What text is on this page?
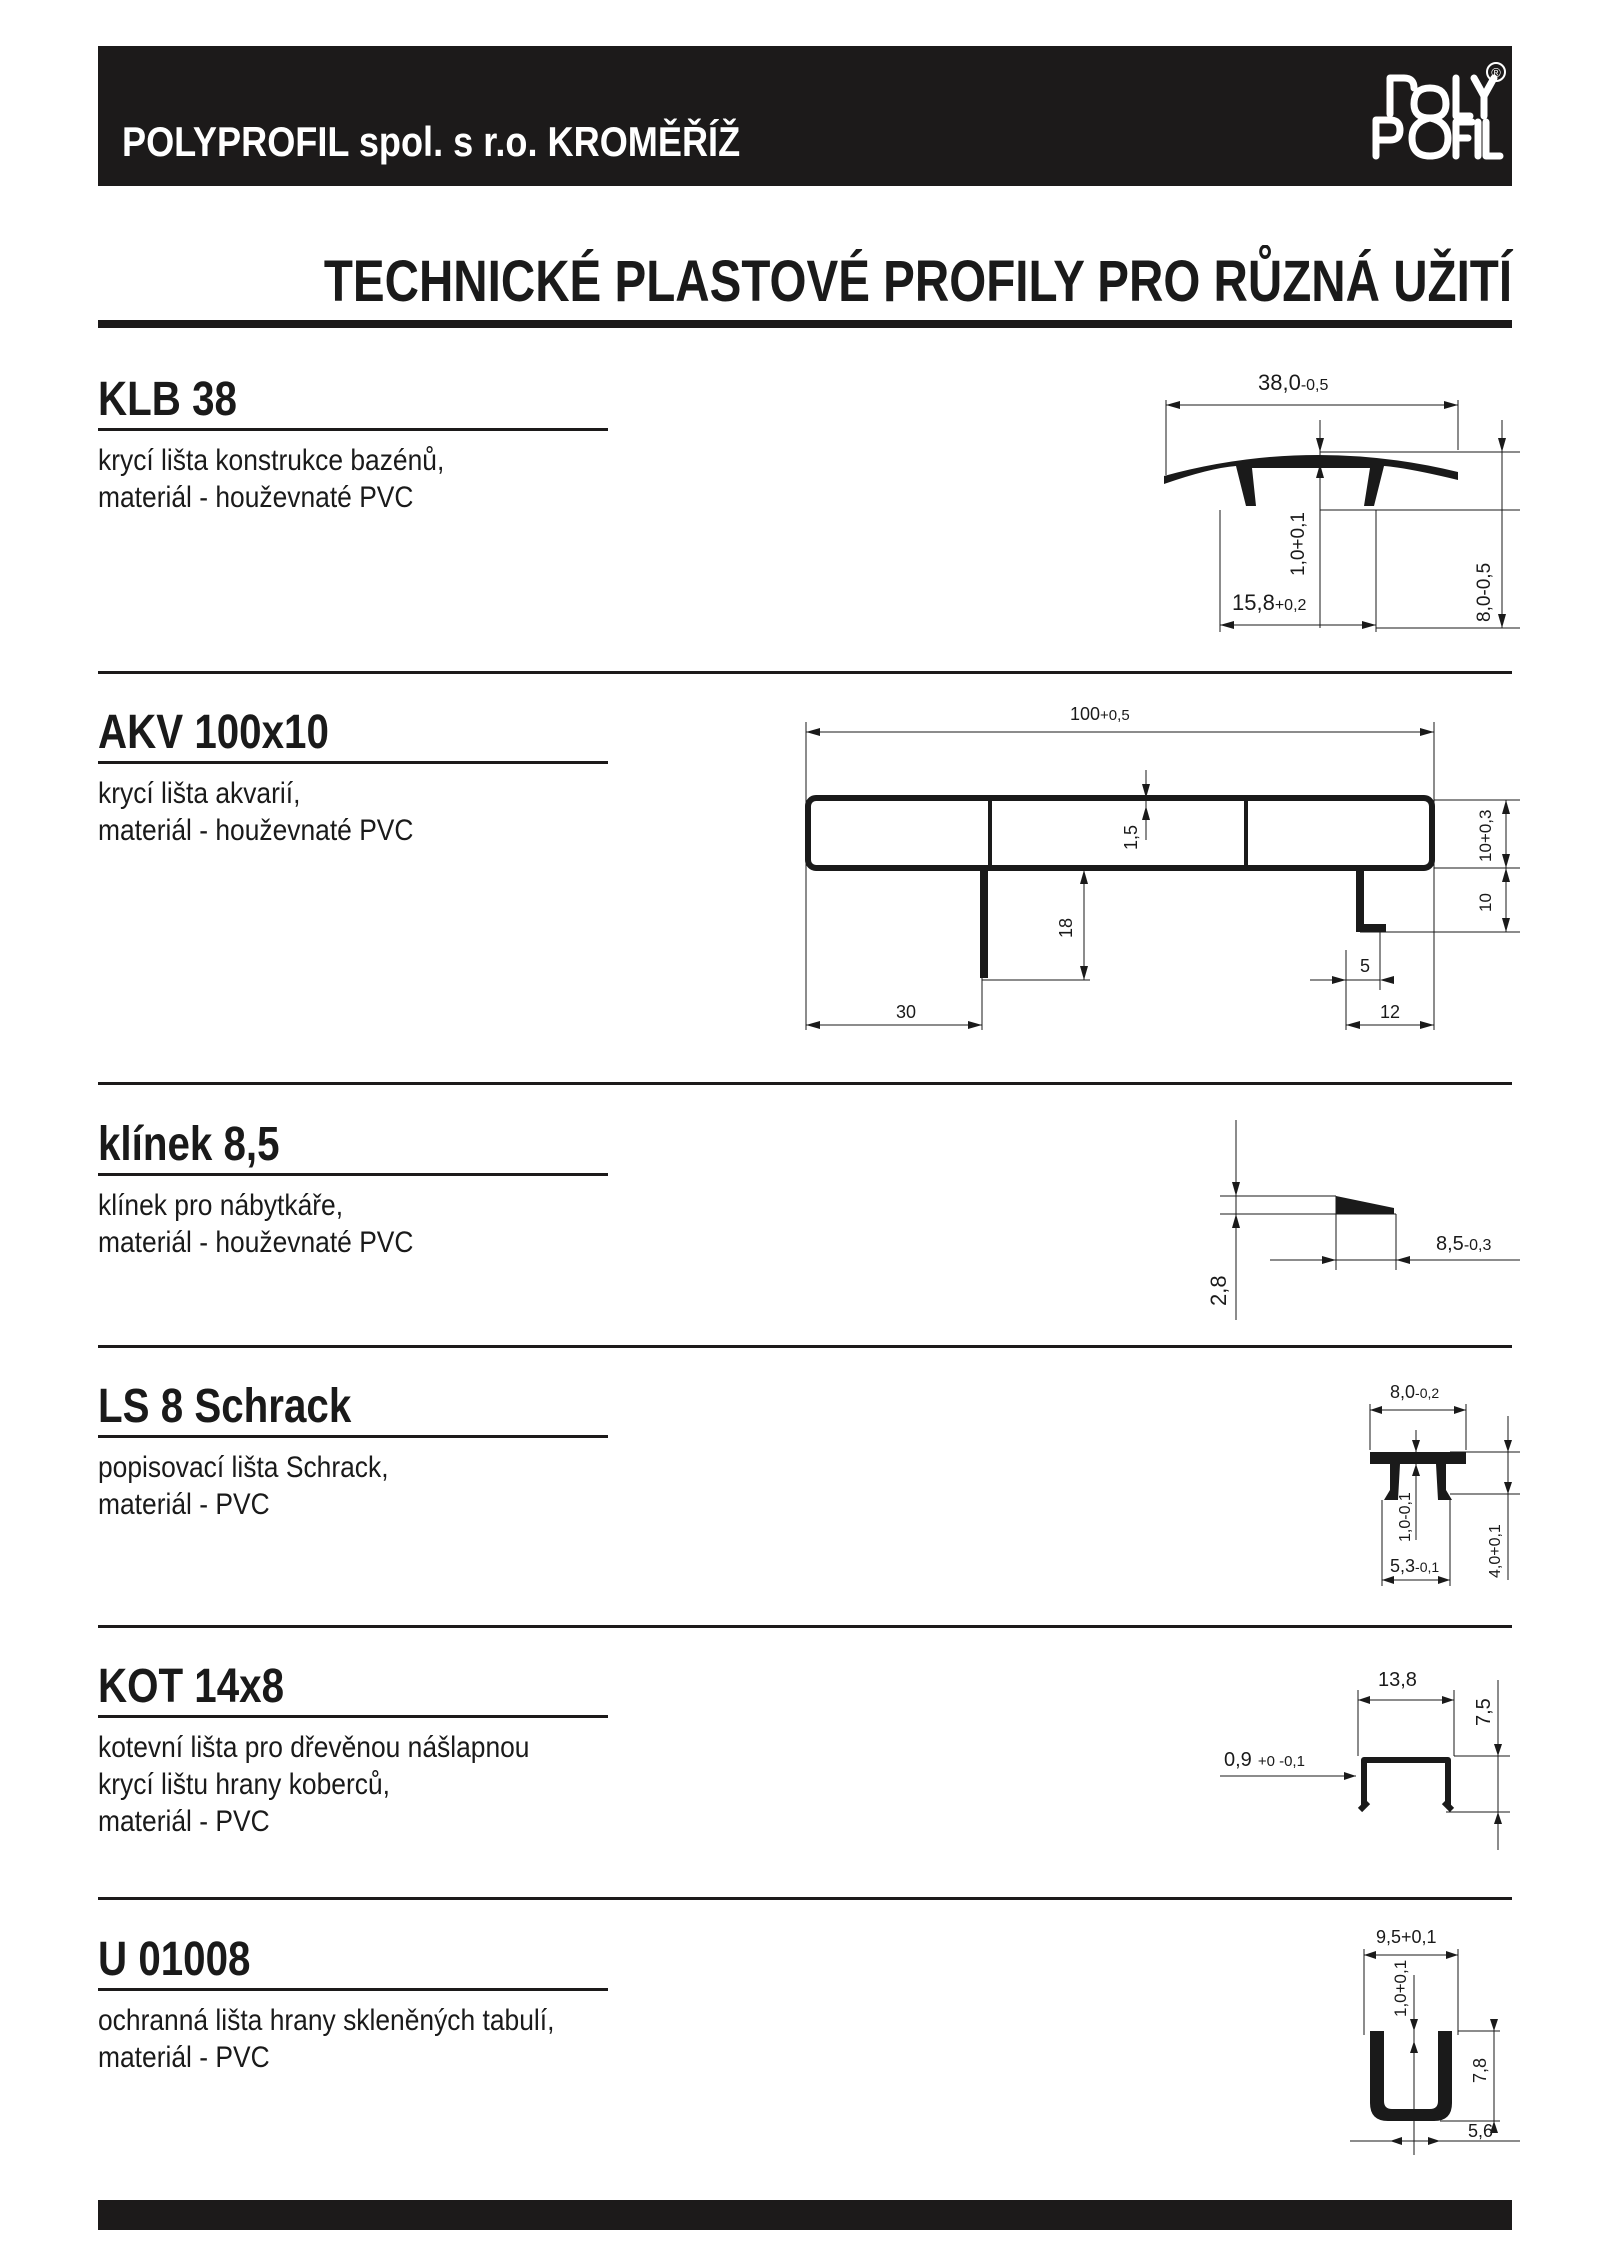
POLYPROFIL spol. s r.o. KROMĚŘÍŽ
®
TECHNICKÉ PLASTOVÉ PROFILY PRO RŮZNÁ UŽITÍ
KLB 38
krycí lišta konstrukce bazénů,
materiál - houževnaté PVC
38,0-0,5
15,8+0,2
1,0+0,1
8,0-0,5
AKV 100x10
krycí lišta akvarií,
materiál - houževnaté PVC
100+0,5
1,5
18
30
5
12
10+0,3
10
klínek 8,5
klínek pro nábytkáře,
materiál - houževnaté PVC	8,5-0,3
2,8
LS 8 Schrack
popisovací lišta Schrack,
materiál - PVC
8,0-0,2
5,3-0,1
1,0-0,1
4,0+0,1
KOT 14x8
kotevní lišta pro dřevěnou nášlapnou
krycí lištu hrany koberců,
materiál - PVC
13,8
7,5
0,9 +0 -0,1
U 01008
ochranná lišta hrany skleněných tabulí,
materiál - PVC
9,5+0,1
1,0+0,1
7,8
5,6
